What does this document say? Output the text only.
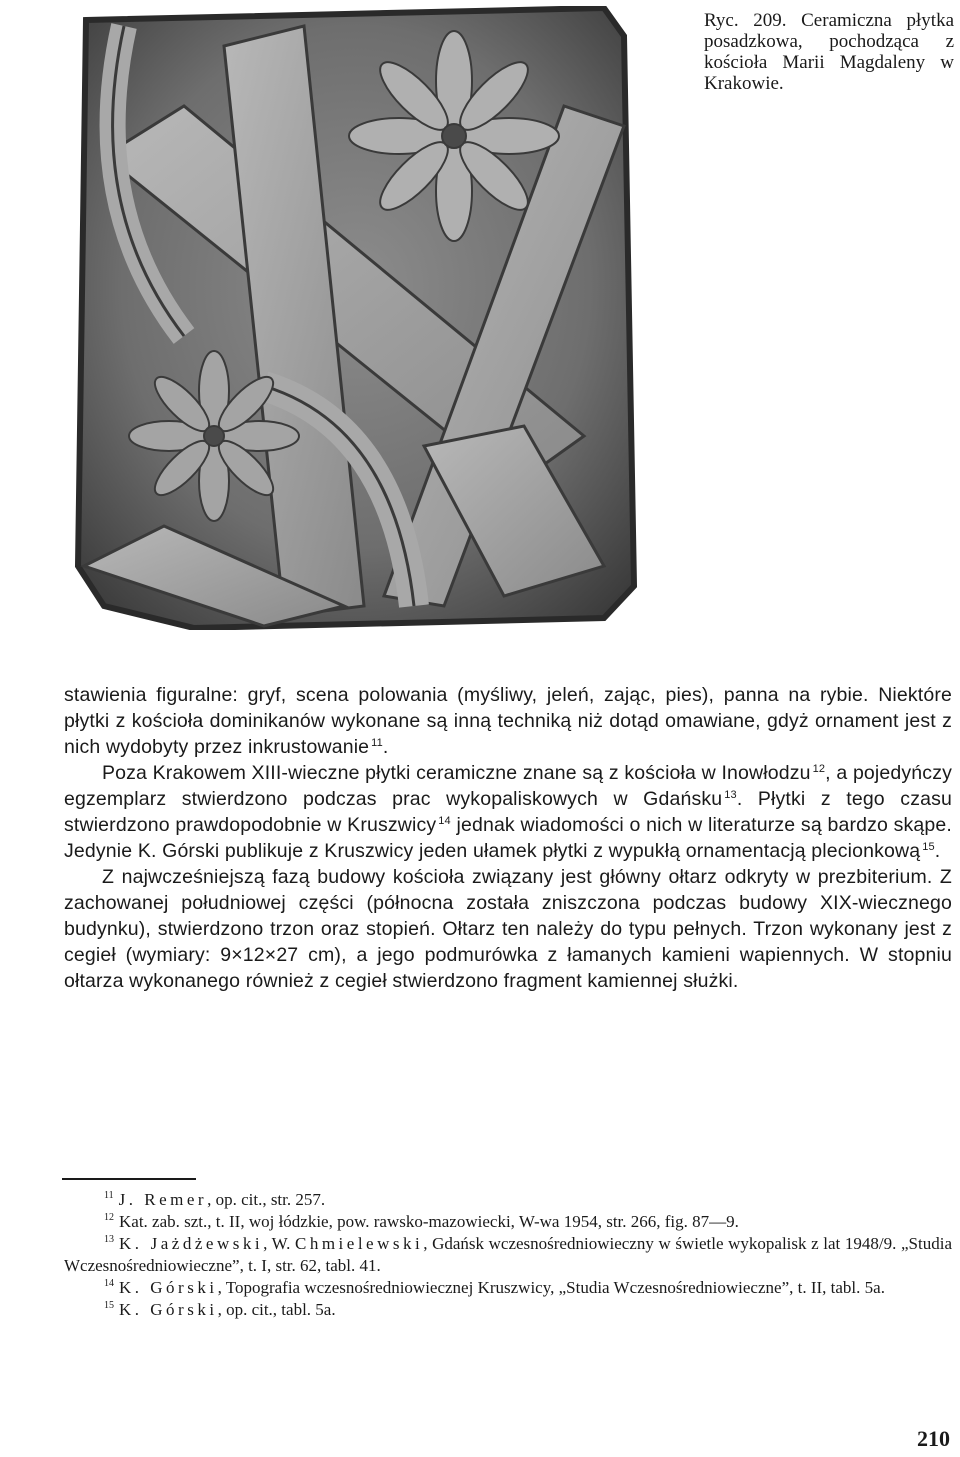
Ryc. 209. Ceramiczna płytka posadzkowa, pochodząca z kościoła Marii Magdaleny w Krakowie.

stawienia figuralne: gryf, scena polowania (myśliwy, jeleń, zając, pies), panna na rybie. Niektóre płytki z kościoła dominikanów wykonane są inną techniką niż dotąd omawiane, gdyż ornament jest z nich wydobyty przez inkrustowanie $^{11}$.

Poza Krakowem XIII-wieczne płytki ceramiczne znane są z kościoła w Inowłodzu $^{12}$, a pojedyńczy egzemplarz stwierdzono podczas prac wykopaliskowych w Gdańsku $^{13}$. Płytki z tego czasu stwierdzono prawdopodobnie w Kruszwicy $^{14}$ jednak wiadomości o nich w literaturze są bardzo skąpe. Jedynie K. Górski publikuje z Kruszwicy jeden ułamek płytki z wypukłą ornamentacją plecionkową $^{15}$.

Z najwcześniejszą fazą budowy kościoła związany jest główny ołtarz odkryty w prezbiterium. Z zachowanej południowej części (północna została zniszczona podczas budowy XIX-wiecznego budynku), stwierdzono trzon oraz stopień. Ołtarz ten należy do typu pełnych. Trzon wykonany jest z cegieł (wymiary: 9×12×27 cm), a jego podmurówka z łamanych kamieni wapiennych. W stopniu ołtarza wykonanego również z cegieł stwierdzono fragment kamiennej służki.

$^{11}$ J. Remer, op. cit., str. 257.

$^{12}$ Kat. zab. szt., t. II, woj łódzkie, pow. rawsko-mazowiecki, W-wa 1954, str. 266, fig. 87—9.

$^{13}$ K. Jażdżewski, W. Chmielewski, Gdańsk wczesnośredniowieczny w świetle wykopalisk z lat 1948/9. „Studia Wczesnośredniowieczne”, t. I, str. 62, tabl. 41.

$^{14}$ K. Górski, Topografia wczesnośredniowiecznej Kruszwicy, „Studia Wczesnośredniowieczne”, t. II, tabl. 5a.

$^{15}$ K. Górski, op. cit., tabl. 5a.

210
